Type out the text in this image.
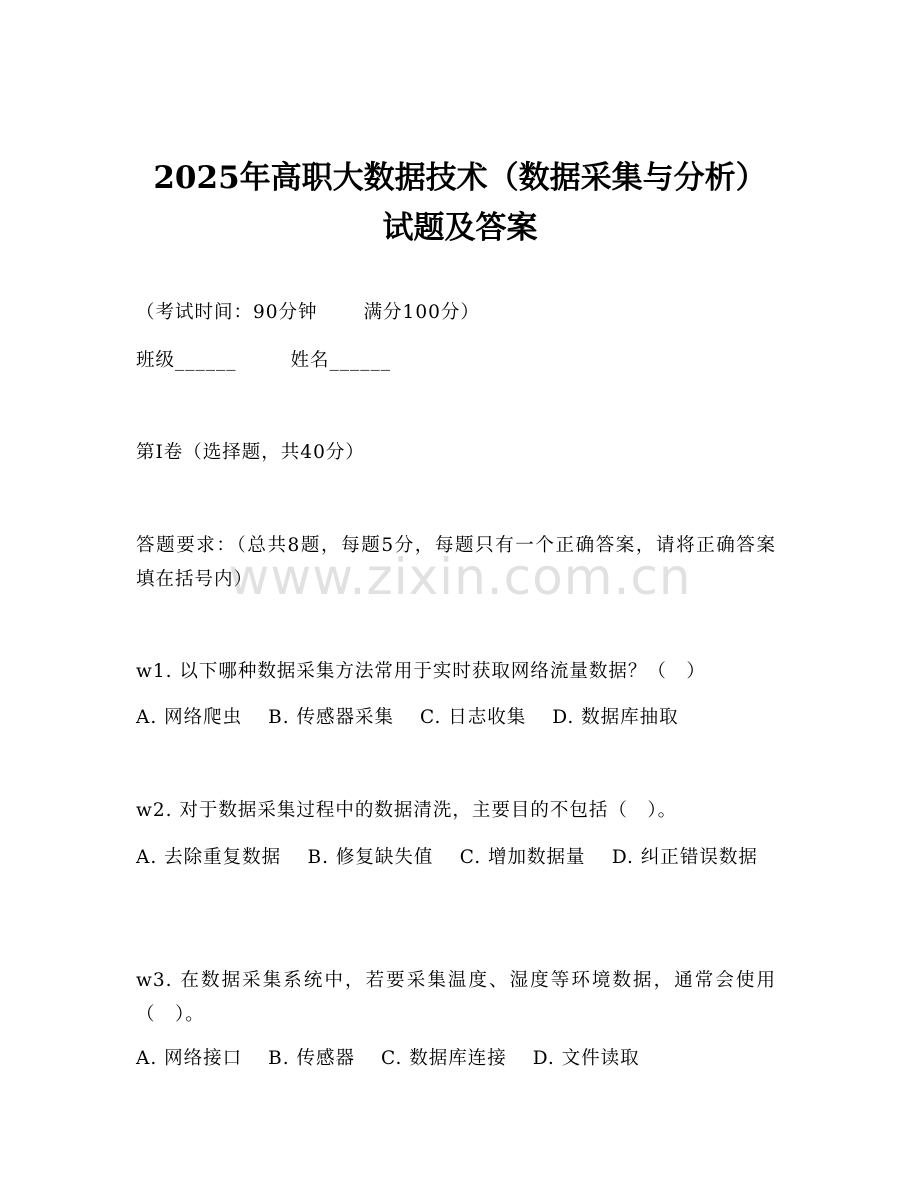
2025年高职大数据技术（数据采集与分析）
试题及答案
（考试时间：90分钟 满分100分）
班级______	姓名______
第I卷（选择题，共40分）
答题要求：（总共8题，每题5分，每题只有一个正确答案，请将正确答案填在括号内）
w1. 以下哪种数据采集方法常用于实时获取网络流量数据？（　）
A. 网络爬虫 B. 传感器采集 C. 日志收集 D. 数据库抽取
w2. 对于数据采集过程中的数据清洗，主要目的不包括（　）。
A. 去除重复数据　 B. 修复缺失值　 C. 增加数据量　 D. 纠正错误数据
w3. 在数据采集系统中，若要采集温度、湿度等环境数据，通常会使用（　）。
A. 网络接口 B. 传感器 C. 数据库连接 D. 文件读取
www.zixin.com.cn
